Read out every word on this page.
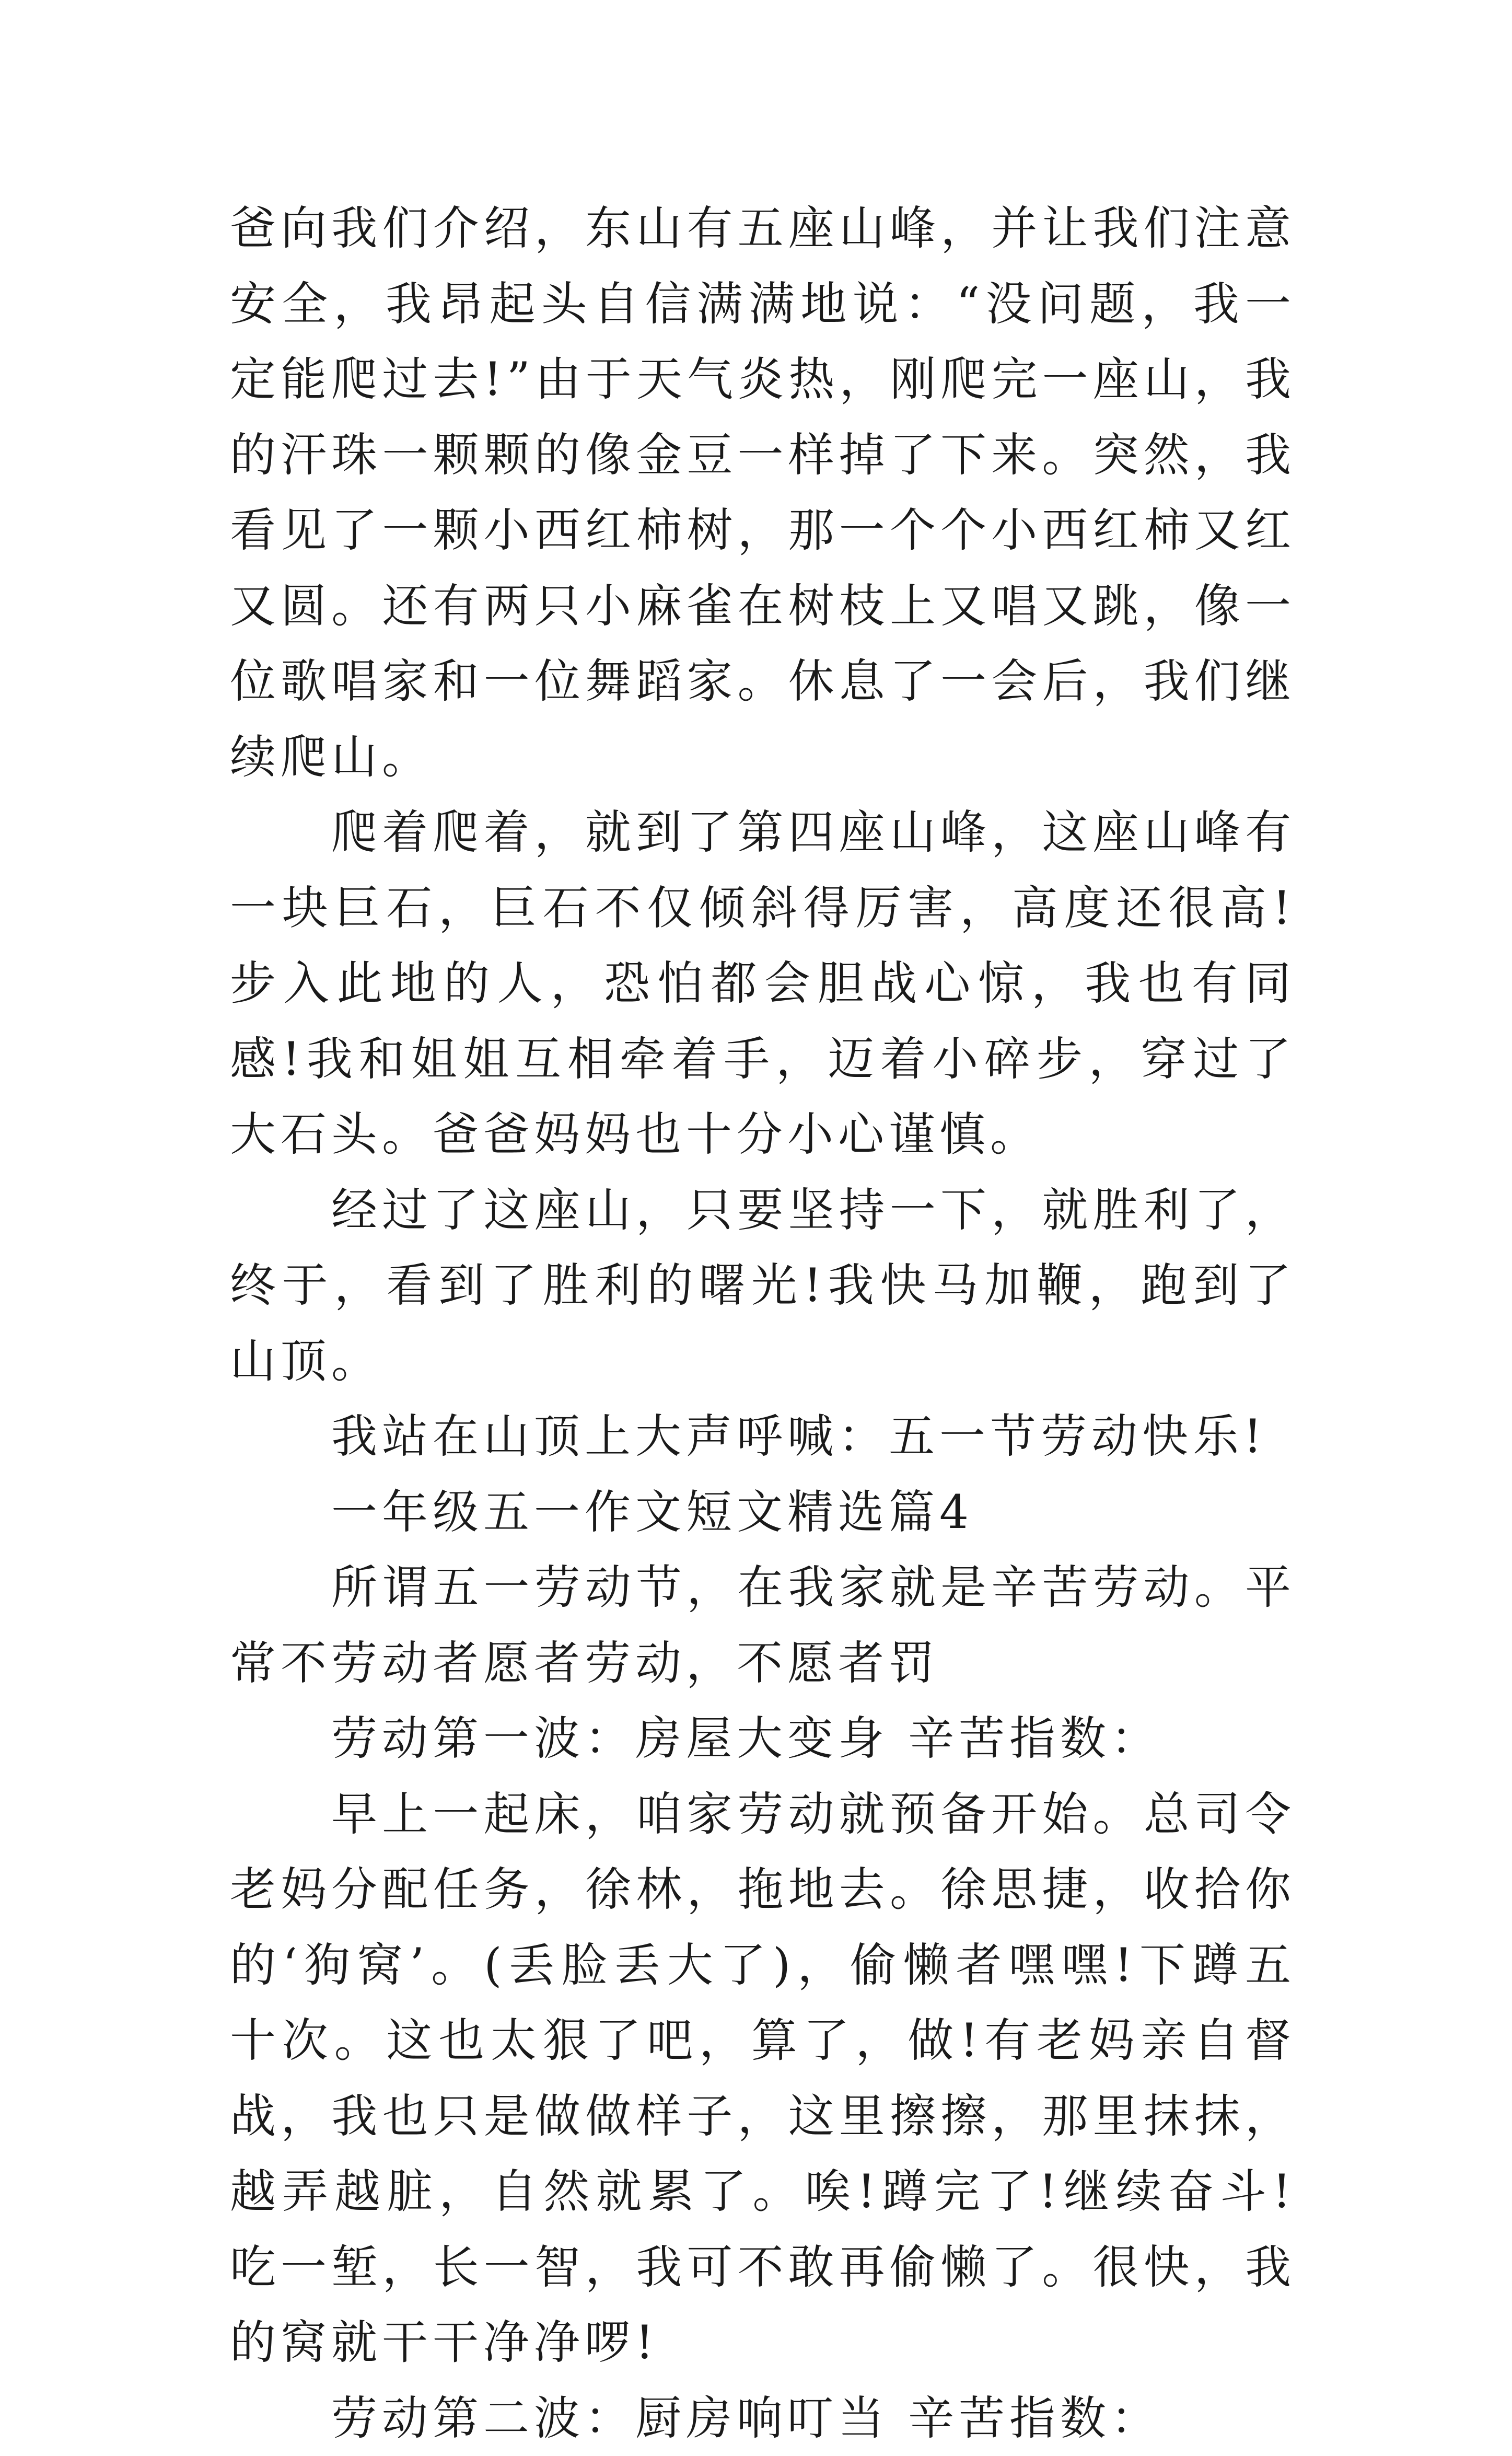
爸向我们介绍，东山有五座山峰，并让我们注意安全，我昂起头自信满满地说：“没问题，我一定能爬过去!”由于天气炎热，刚爬完一座山，我的汗珠一颗颗的像金豆一样掉了下来。突然，我看见了一颗小西红柿树，那一个个小西红柿又红又圆。还有两只小麻雀在树枝上又唱又跳，像一位歌唱家和一位舞蹈家。休息了一会后，我们继续爬山。

爬着爬着，就到了第四座山峰，这座山峰有一块巨石，巨石不仅倾斜得厉害，高度还很高!步入此地的人，恐怕都会胆战心惊，我也有同感!我和姐姐互相牵着手，迈着小碎步，穿过了大石头。爸爸妈妈也十分小心谨慎。

经过了这座山，只要坚持一下，就胜利了，终于，看到了胜利的曙光!我快马加鞭，跑到了山顶。

我站在山顶上大声呼喊：五一节劳动快乐!

一年级五一作文短文精选篇4

所谓五一劳动节，在我家就是辛苦劳动。平常不劳动者愿者劳动，不愿者罚

劳动第一波：房屋大变身 辛苦指数：

早上一起床，咱家劳动就预备开始。总司令老妈分配任务，徐林，拖地去。徐思捷，收拾你的‘狗窝’。(丢脸丢大了)，偷懒者嘿嘿!下蹲五十次。这也太狠了吧，算了，做!有老妈亲自督战，我也只是做做样子，这里擦擦，那里抹抹，越弄越脏，自然就累了。唉!蹲完了!继续奋斗!吃一堑，长一智，我可不敢再偷懒了。很快，我的窝就干干净净啰!

劳动第二波：厨房响叮当 辛苦指数：
